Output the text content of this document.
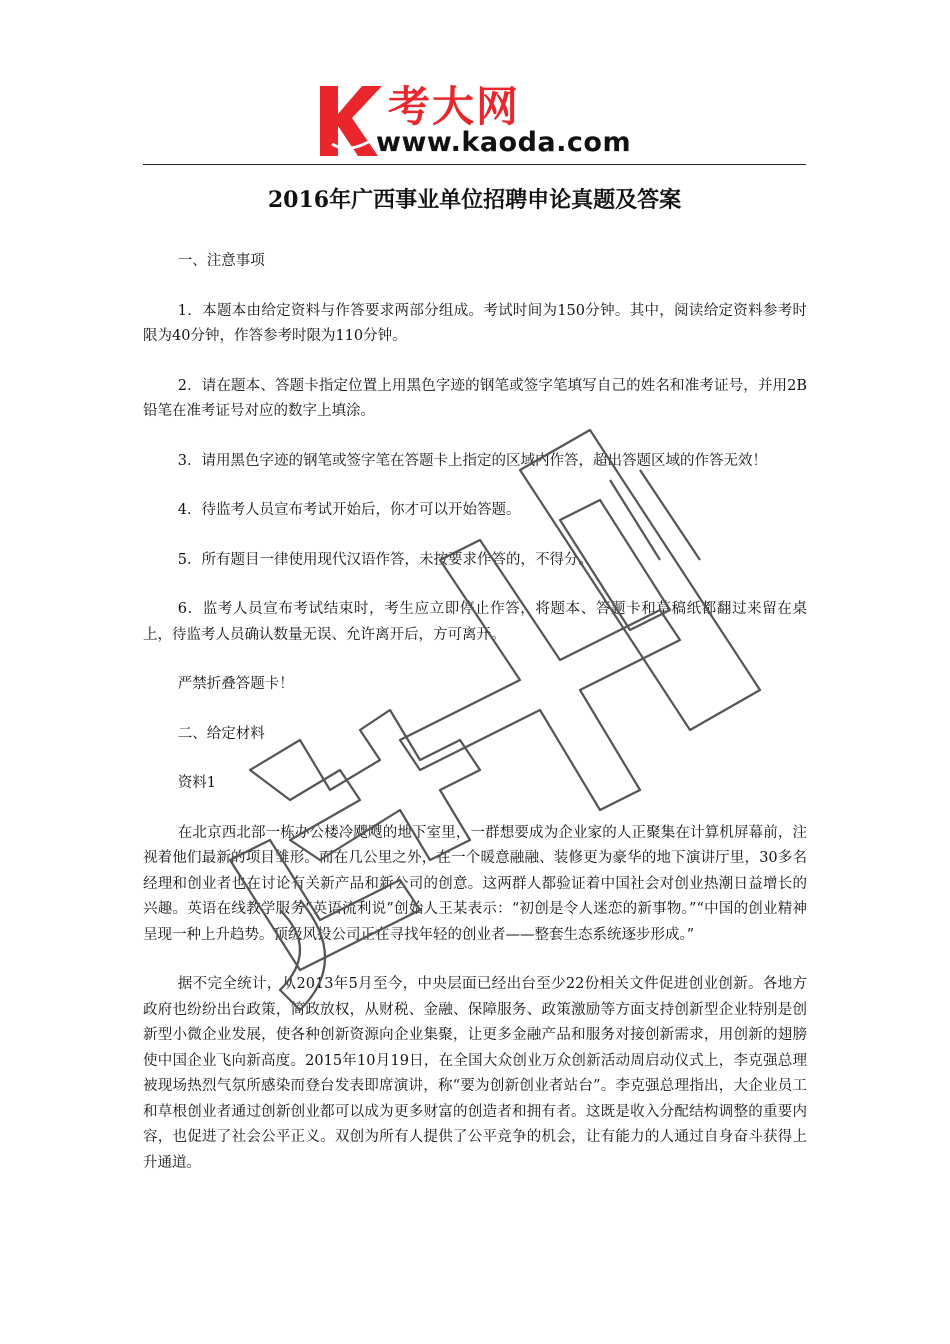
考大网
www.kaoda.com
2016年广西事业单位招聘申论真题及答案

一、注意事项

1．本题本由给定资料与作答要求两部分组成。考试时间为150分钟。其中，阅读给定资料参考时限为40分钟，作答参考时限为110分钟。

2．请在题本、答题卡指定位置上用黑色字迹的钢笔或签字笔填写自己的姓名和准考证号，并用2B铅笔在准考证号对应的数字上填涂。

3．请用黑色字迹的钢笔或签字笔在答题卡上指定的区域内作答，超出答题区域的作答无效！

4．待监考人员宣布考试开始后，你才可以开始答题。

5．所有题目一律使用现代汉语作答，未按要求作答的，不得分。

6．监考人员宣布考试结束时，考生应立即停止作答，将题本、答题卡和草稿纸都翻过来留在桌上，待监考人员确认数量无误、允许离开后，方可离开。

严禁折叠答题卡！

二、给定材料

资料1

在北京西北部一栋办公楼冷飕飕的地下室里，一群想要成为企业家的人正聚集在计算机屏幕前，注视着他们最新的项目雏形。而在几公里之外，在一个暖意融融、装修更为豪华的地下演讲厅里，30多名经理和创业者也在讨论有关新产品和新公司的创意。这两群人都验证着中国社会对创业热潮日益增长的兴趣。英语在线教学服务“英语流利说”创始人王某表示：“初创是令人迷恋的新事物。”“中国的创业精神呈现一种上升趋势。顶级风投公司正在寻找年轻的创业者——整套生态系统逐步形成。”

据不完全统计，从2013年5月至今，中央层面已经出台至少22份相关文件促进创业创新。各地方政府也纷纷出台政策，简政放权，从财税、金融、保障服务、政策激励等方面支持创新型企业特别是创新型小微企业发展，使各种创新资源向企业集聚，让更多金融产品和服务对接创新需求，用创新的翅膀使中国企业飞向新高度。2015年10月19日，在全国大众创业万众创新活动周启动仪式上，李克强总理被现场热烈气氛所感染而登台发表即席演讲，称“要为创新创业者站台”。李克强总理指出，大企业员工和草根创业者通过创新创业都可以成为更多财富的创造者和拥有者。这既是收入分配结构调整的重要内容，也促进了社会公平正义。双创为所有人提供了公平竞争的机会，让有能力的人通过自身奋斗获得上升通道。
